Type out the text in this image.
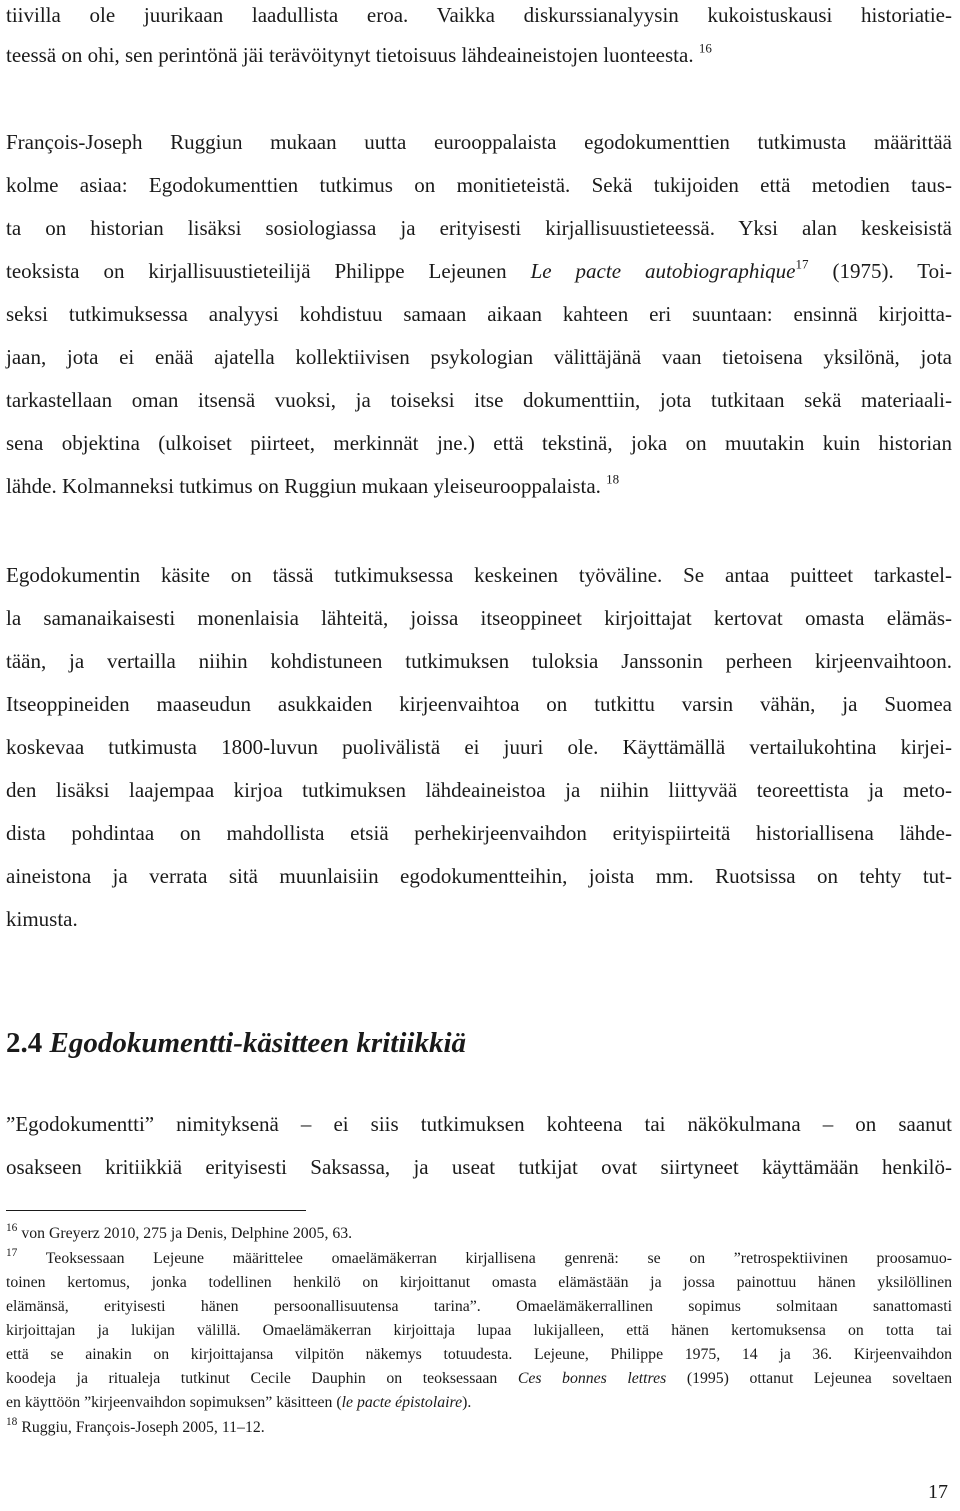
tiivilla ole juurikaan laadullista eroa. Vaikka diskurssianalyysin kukoistuskausi historiatie-

teessä on ohi, sen perintönä jäi terävöitynyt tietoisuus lähdeaineistojen luonteesta. $^{16}$

François-Joseph Ruggiun mukaan uutta eurooppalaista egodokumenttien tutkimusta määrittää

kolme asiaa: Egodokumenttien tutkimus on monitieteistä. Sekä tukijoiden että metodien taus-

ta on historian lisäksi sosiologiassa ja erityisesti kirjallisuustieteessä. Yksi alan keskeisistä

teoksista on kirjallisuustieteilijä Philippe Lejeunen Le pacte autobiographique$^{17}$ (1975). Toi-

seksi tutkimuksessa analyysi kohdistuu samaan aikaan kahteen eri suuntaan: ensinnä kirjoitta-

jaan, jota ei enää ajatella kollektiivisen psykologian välittäjänä vaan tietoisena yksilönä, jota

tarkastellaan oman itsensä vuoksi, ja toiseksi itse dokumenttiin, jota tutkitaan sekä materiaali-

sena objektina (ulkoiset piirteet, merkinnät jne.) että tekstinä, joka on muutakin kuin historian

lähde. Kolmanneksi tutkimus on Ruggiun mukaan yleiseurooppalaista. $^{18}$

Egodokumentin käsite on tässä tutkimuksessa keskeinen työväline. Se antaa puitteet tarkastel-

la samanaikaisesti monenlaisia lähteitä, joissa itseoppineet kirjoittajat kertovat omasta elämäs-

tään, ja vertailla niihin kohdistuneen tutkimuksen tuloksia Janssonin perheen kirjeenvaihtoon.

Itseoppineiden maaseudun asukkaiden kirjeenvaihtoa on tutkittu varsin vähän, ja Suomea

koskevaa tutkimusta 1800-luvun puolivälistä ei juuri ole. Käyttämällä vertailukohtina kirjei-

den lisäksi laajempaa kirjoa tutkimuksen lähdeaineistoa ja niihin liittyvää teoreettista ja meto-

dista pohdintaa on mahdollista etsiä perhekirjeenvaihdon erityispiirteitä historiallisena lähde-

aineistona ja verrata sitä muunlaisiin egodokumentteihin, joista mm. Ruotsissa on tehty tut-

kimusta.

2.4 Egodokumentti-käsitteen kritiikkiä

”Egodokumentti” nimityksenä – ei siis tutkimuksen kohteena tai näkökulmana – on saanut

osakseen kritiikkiä erityisesti Saksassa, ja useat tutkijat ovat siirtyneet käyttämään henkilö-

$^{16}$ von Greyerz 2010, 275 ja Denis, Delphine 2005, 63.

$^{17}$ Teoksessaan Lejeune määrittelee omaelämäkerran kirjallisena genrenä: se on ”retrospektiivinen proosamuo-

toinen kertomus, jonka todellinen henkilö on kirjoittanut omasta elämästään ja jossa painottuu hänen yksilöllinen

elämänsä, erityisesti hänen persoonallisuutensa tarina”. Omaelämäkerrallinen sopimus solmitaan sanattomasti

kirjoittajan ja lukijan välillä. Omaelämäkerran kirjoittaja lupaa lukijalleen, että hänen kertomuksensa on totta tai

että se ainakin on kirjoittajansa vilpitön näkemys totuudesta. Lejeune, Philippe 1975, 14 ja 36. Kirjeenvaihdon

koodeja ja ritualeja tutkinut Cecile Dauphin on teoksessaan Ces bonnes lettres (1995) ottanut Lejeunea soveltaen

en käyttöön ”kirjeenvaihdon sopimuksen” käsitteen (le pacte épistolaire).

$^{18}$ Ruggiu, François-Joseph 2005, 11–12.

17
